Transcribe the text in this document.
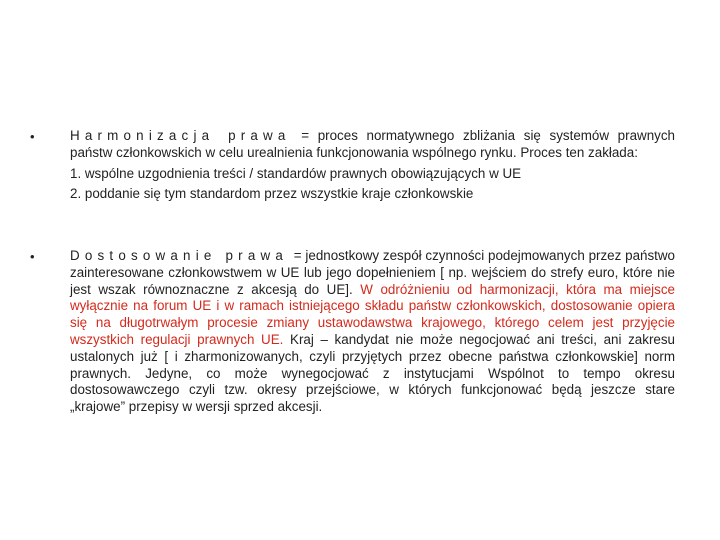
•	Harmonizacja prawa = proces normatywnego zbliżania się systemów prawnych państw członkowskich w celu urealnienia funkcjonowania wspólnego rynku. Proces ten zakłada:
1. wspólne uzgodnienia treści / standardów prawnych obowiązujących w UE
2. poddanie się tym standardom przez wszystkie kraje członkowskie
•	Dostosowanie prawa = jednostkowy zespół czynności podejmowanych przez państwo zainteresowane członkowstwem w UE lub jego dopełnieniem [ np. wejściem do strefy euro, które nie jest wszak równoznaczne z akcesją do UE]. W odróżnieniu od harmonizacji, która ma miejsce wyłącznie na forum UE i w ramach istniejącego składu państw członkowskich, dostosowanie opiera się na długotrwałym procesie zmiany ustawodawstwa krajowego, którego celem jest przyjęcie wszystkich regulacji prawnych UE. Kraj – kandydat nie może negocjować ani treści, ani zakresu ustalonych już [ i zharmonizowanych, czyli przyjętych przez obecne państwa członkowskie] norm prawnych. Jedyne, co może wynegocjować z instytucjami Wspólnot to tempo okresu dostosowawczego czyli tzw. okresy przejściowe, w których funkcjonować będą jeszcze stare „krajowe” przepisy w wersji sprzed akcesji.
